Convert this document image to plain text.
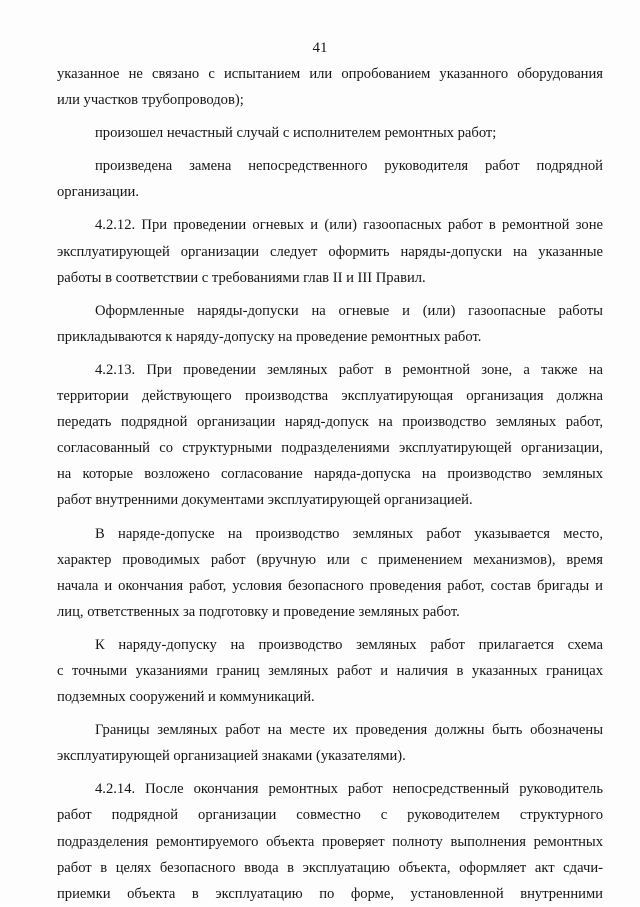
41

указанное не связано с испытанием или опробованием указанного оборудования
или участков трубопроводов);

произошел нечастный случай с исполнителем ремонтных работ;

произведена замена непосредственного руководителя работ подрядной
организации.

4.2.12. При проведении огневых и (или) газоопасных работ в ремонтной зоне
эксплуатирующей организации следует оформить наряды-допуски на указанные
работы в соответствии с требованиями глав II и III Правил.

Оформленные наряды-допуски на огневые и (или) газоопасные работы
прикладываются к наряду-допуску на проведение ремонтных работ.

4.2.13. При проведении земляных работ в ремонтной зоне, а также на
территории действующего производства эксплуатирующая организация должна
передать подрядной организации наряд-допуск на производство земляных работ,
согласованный со структурными подразделениями эксплуатирующей организации,
на которые возложено согласование наряда-допуска на производство земляных
работ внутренними документами эксплуатирующей организацией.

В наряде-допуске на производство земляных работ указывается место,
характер проводимых работ (вручную или с применением механизмов), время
начала и окончания работ, условия безопасного проведения работ, состав бригады и
лиц, ответственных за подготовку и проведение земляных работ.

К наряду-допуску на производство земляных работ прилагается схема
с точными указаниями границ земляных работ и наличия в указанных границах
подземных сооружений и коммуникаций.

Границы земляных работ на месте их проведения должны быть обозначены
эксплуатирующей организацией знаками (указателями).

4.2.14. После окончания ремонтных работ непосредственный руководитель
работ подрядной организации совместно с руководителем структурного
подразделения ремонтируемого объекта проверяет полноту выполнения ремонтных
работ в целях безопасного ввода в эксплуатацию объекта, оформляет акт сдачи-
приемки объекта в эксплуатацию по форме, установленной внутренними
